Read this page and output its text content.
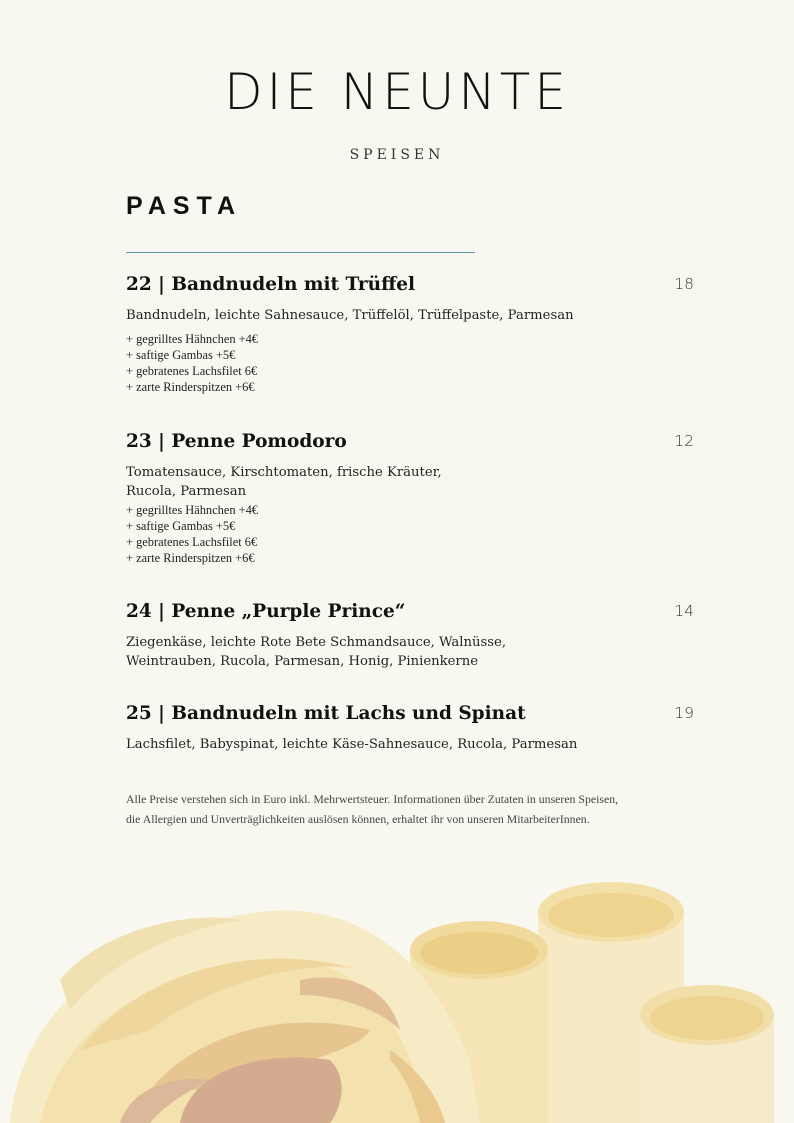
DIE NEUNTE
SPEISEN
PASTA
22 | Bandnudeln mit Trüffel	18
Bandnudeln, leichte Sahnesauce, Trüffelöl, Trüffelpaste, Parmesan
+ gegrilltes Hähnchen +4€
+ saftige Gambas +5€
+ gebratenes Lachsfilet 6€
+ zarte Rinderspitzen +6€
23 | Penne Pomodoro	12
Tomatensauce, Kirschtomaten, frische Kräuter,
Rucola, Parmesan
+ gegrilltes Hähnchen +4€
+ saftige Gambas +5€
+ gebratenes Lachsfilet 6€
+ zarte Rinderspitzen +6€
24 | Penne „Purple Prince“	14
Ziegenkäse, leichte Rote Bete Schmandsauce, Walnüsse,
Weintrauben, Rucola, Parmesan, Honig, Pinienkerne
25 | Bandnudeln mit Lachs und Spinat	19
Lachsfilet, Babyspinat, leichte Käse-Sahnesauce, Rucola, Parmesan
Alle Preise verstehen sich in Euro inkl. Mehrwertsteuer. Informationen über Zutaten in unseren Speisen,
die Allergien und Unverträglichkeiten auslösen können, erhaltet ihr von unseren MitarbeiterInnen.
